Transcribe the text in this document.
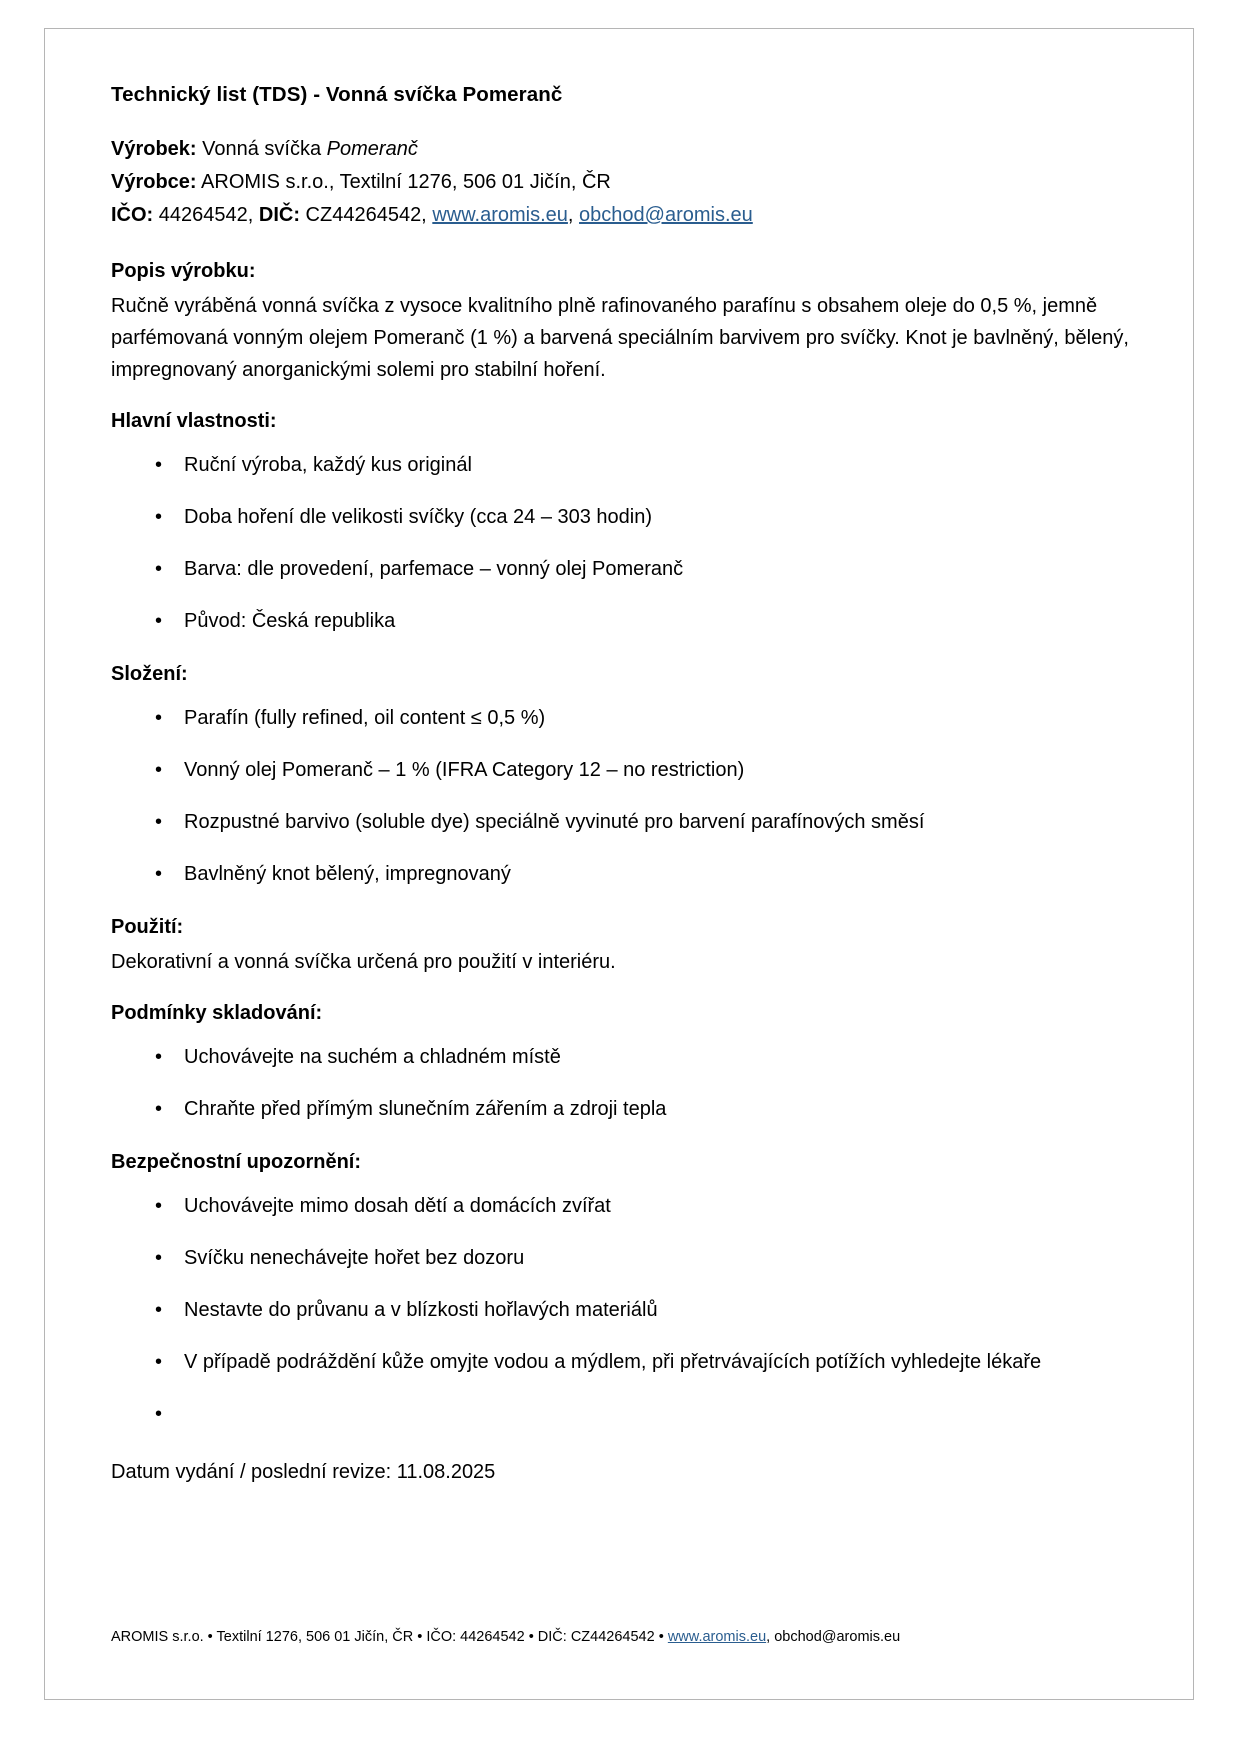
Technický list (TDS) - Vonná svíčka Pomeranč

Výrobek: Vonná svíčka Pomeranč
Výrobce: AROMIS s.r.o., Textilní 1276, 506 01 Jičín, ČR
IČO: 44264542, DIČ: CZ44264542, www.aromis.eu, obchod@aromis.eu

Popis výrobku:
Ručně vyráběná vonná svíčka z vysoce kvalitního plně rafinovaného parafínu s obsahem oleje do 0,5 %, jemně parfémovaná vonným olejem Pomeranč (1 %) a barvená speciálním barvivem pro svíčky. Knot je bavlněný, bělený, impregnovaný anorganickými solemi pro stabilní hoření.
Hlavní vlastnosti:
• Ruční výroba, každý kus originál
• Doba hoření dle velikosti svíčky (cca 24 – 303 hodin)
• Barva: dle provedení, parfemace – vonný olej Pomeranč
• Původ: Česká republika
Složení:
• Parafín (fully refined, oil content ≤ 0,5 %)
• Vonný olej Pomeranč – 1 % (IFRA Category 12 – no restriction)
• Rozpustné barvivo (soluble dye) speciálně vyvinuté pro barvení parafínových směsí
• Bavlněný knot bělený, impregnovaný
Použití:
Dekorativní a vonná svíčka určená pro použití v interiéru.
Podmínky skladování:
• Uchovávejte na suchém a chladném místě
• Chraňte před přímým slunečním zářením a zdroji tepla
Bezpečnostní upozornění:
• Uchovávejte mimo dosah dětí a domácích zvířat
• Svíčku nenechávejte hořet bez dozoru
• Nestavte do průvanu a v blízkosti hořlavých materiálů
• V případě podráždění kůže omyjte vodou a mýdlem, při přetrvávajících potížích vyhledejte lékaře
•
Datum vydání / poslední revize: 11.08.2025
AROMIS s.r.o. • Textilní 1276, 506 01 Jičín, ČR • IČO: 44264542 • DIČ: CZ44264542 • www.aromis.eu, obchod@aromis.eu
